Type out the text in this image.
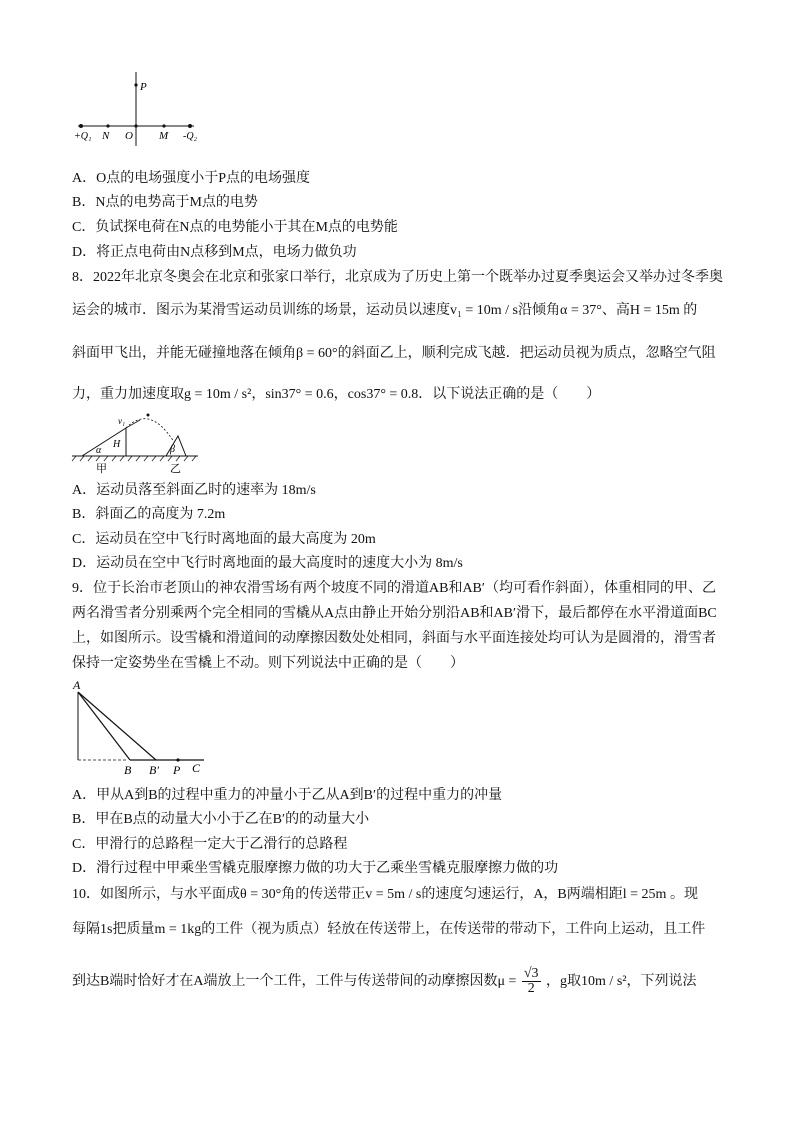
P
+Q₁ N O M -Q₂
A．O点的电场强度小于P点的电场强度
B．N点的电势高于M点的电势
C．负试探电荷在N点的电势能小于其在M点的电势能
D．将正点电荷由N点移到M点，电场力做负功
8．2022年北京冬奥会在北京和张家口举行，北京成为了历史上第一个既举办过夏季奥运会又举办过冬季奥
运会的城市．图示为某滑雪运动员训练的场景，运动员以速度v₁ = 10m / s沿倾角α = 37°、高H = 15m 的
斜面甲飞出，并能无碰撞地落在倾角β = 60°的斜面乙上，顺利完成飞越．把运动员视为质点，忽略空气阻
力，重力加速度取g = 10m / s²，sin37° = 0.6，cos37° = 0.8．以下说法正确的是（　　）
v₁
α
H	β
甲	乙
A．运动员落至斜面乙时的速率为 18m/s
B．斜面乙的高度为 7.2m
C．运动员在空中飞行时离地面的最大高度为 20m
D．运动员在空中飞行时离地面的最大高度时的速度大小为 8m/s
9．位于长治市老顶山的神农滑雪场有两个坡度不同的滑道AB和AB′（均可看作斜面），体重相同的甲、乙
两名滑雪者分别乘两个完全相同的雪橇从A点由静止开始分别沿AB和AB′滑下，最后都停在水平滑道面BC
上，如图所示。设雪橇和滑道间的动摩擦因数处处相同，斜面与水平面连接处均可认为是圆滑的，滑雪者
保持一定姿势坐在雪橇上不动。则下列说法中正确的是（　　）
A
B B′ P C
A．甲从A到B的过程中重力的冲量小于乙从A到B′的过程中重力的冲量
B．甲在B点的动量大小小于乙在B′的的动量大小
C．甲滑行的总路程一定大于乙滑行的总路程
D．滑行过程中甲乘坐雪橇克服摩擦力做的功大于乙乘坐雪橇克服摩擦力做的功
10．如图所示，与水平面成θ = 30°角的传送带正v = 5m / s的速度匀速运行，A，B两端相距l = 25m 。现
每隔1s把质量m = 1kg的工件（视为质点）轻放在传送带上，在传送带的带动下，工件向上运动，且工件
到达B端时恰好才在A端放上一个工件，工件与传送带间的动摩擦因数$\mu = \frac{√3}{2}$ ，g取10m / s²，下列说法
